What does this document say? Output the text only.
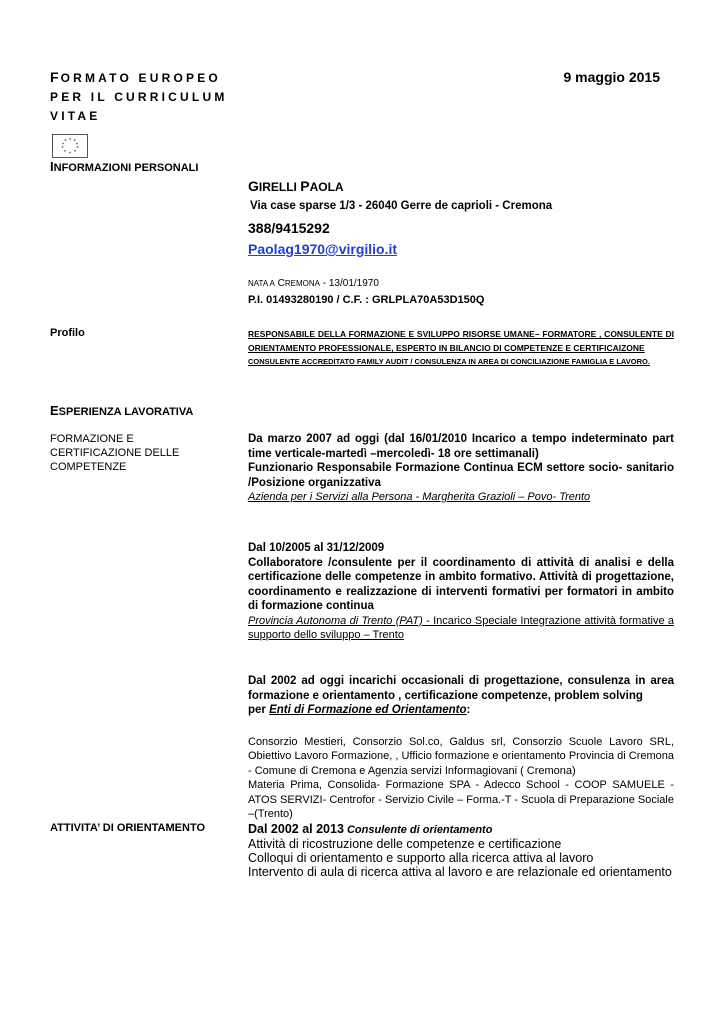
FORMATO EUROPEO
PER IL CURRICULUM
VITAE
9 maggio 2015
INFORMAZIONI PERSONALI
GIRELLI PAOLA
Via case sparse 1/3 - 26040 Gerre de caprioli - Cremona
388/9415292
Paolag1970@virgilio.it
NATA A CREMONA - 13/01/1970
P.I. 01493280190 / C.F. : GRLPLA70A53D150Q
Profilo	RESPONSABILE DELLA FORMAZIONE E SVILUPPO RISORSE UMANE– FORMATORE , CONSULENTE DI ORIENTAMENTO PROFESSIONALE, ESPERTO IN BILANCIO DI COMPETENZE E CERTIFICAIZONE
CONSULENTE ACCREDITATO FAMILY AUDIT / CONSULENZA IN AREA DI CONCILIAZIONE FAMIGLIA E LAVORO.
ESPERIENZA LAVORATIVA
FORMAZIONE E CERTIFICAZIONE DELLE COMPETENZE
Da marzo 2007 ad oggi (dal 16/01/2010 Incarico a tempo indeterminato part time verticale-martedì –mercoledì- 18 ore settimanali)
Funzionario Responsabile Formazione Continua ECM settore socio- sanitario /Posizione organizzativa
Azienda per i Servizi alla Persona - Margherita Grazioli – Povo- Trento
Dal 10/2005 al 31/12/2009
Collaboratore /consulente per il coordinamento di attività di analisi e della certificazione delle competenze in ambito formativo. Attività di progettazione, coordinamento e realizzazione di interventi formativi per formatori in ambito di formazione continua
Provincia Autonoma di Trento (PAT) - Incarico Speciale Integrazione attività formative a supporto dello sviluppo – Trento
Dal 2002 ad oggi incarichi occasionali di progettazione, consulenza in area formazione e orientamento , certificazione competenze, problem solving
per Enti di Formazione ed Orientamento:
Consorzio Mestieri, Consorzio Sol.co, Galdus srl, Consorzio Scuole Lavoro SRL, Obiettivo Lavoro Formazione, , Ufficio formazione e orientamento Provincia di Cremona - Comune di Cremona e Agenzia servizi Informagiovani ( Cremona)
Materia Prima, Consolida- Formazione SPA - Adecco School - COOP SAMUELE - ATOS SERVIZI- Centrofor - Servizio Civile – Forma.-T - Scuola di Preparazione Sociale –(Trento)
ATTIVITA’ DI ORIENTAMENTO	Dal 2002 al 2013 Consulente di orientamento
Attività di ricostruzione delle competenze e certificazione
Colloqui di orientamento e supporto alla ricerca attiva al lavoro
Intervento di aula di ricerca attiva al lavoro e are relazionale ed orientamento
